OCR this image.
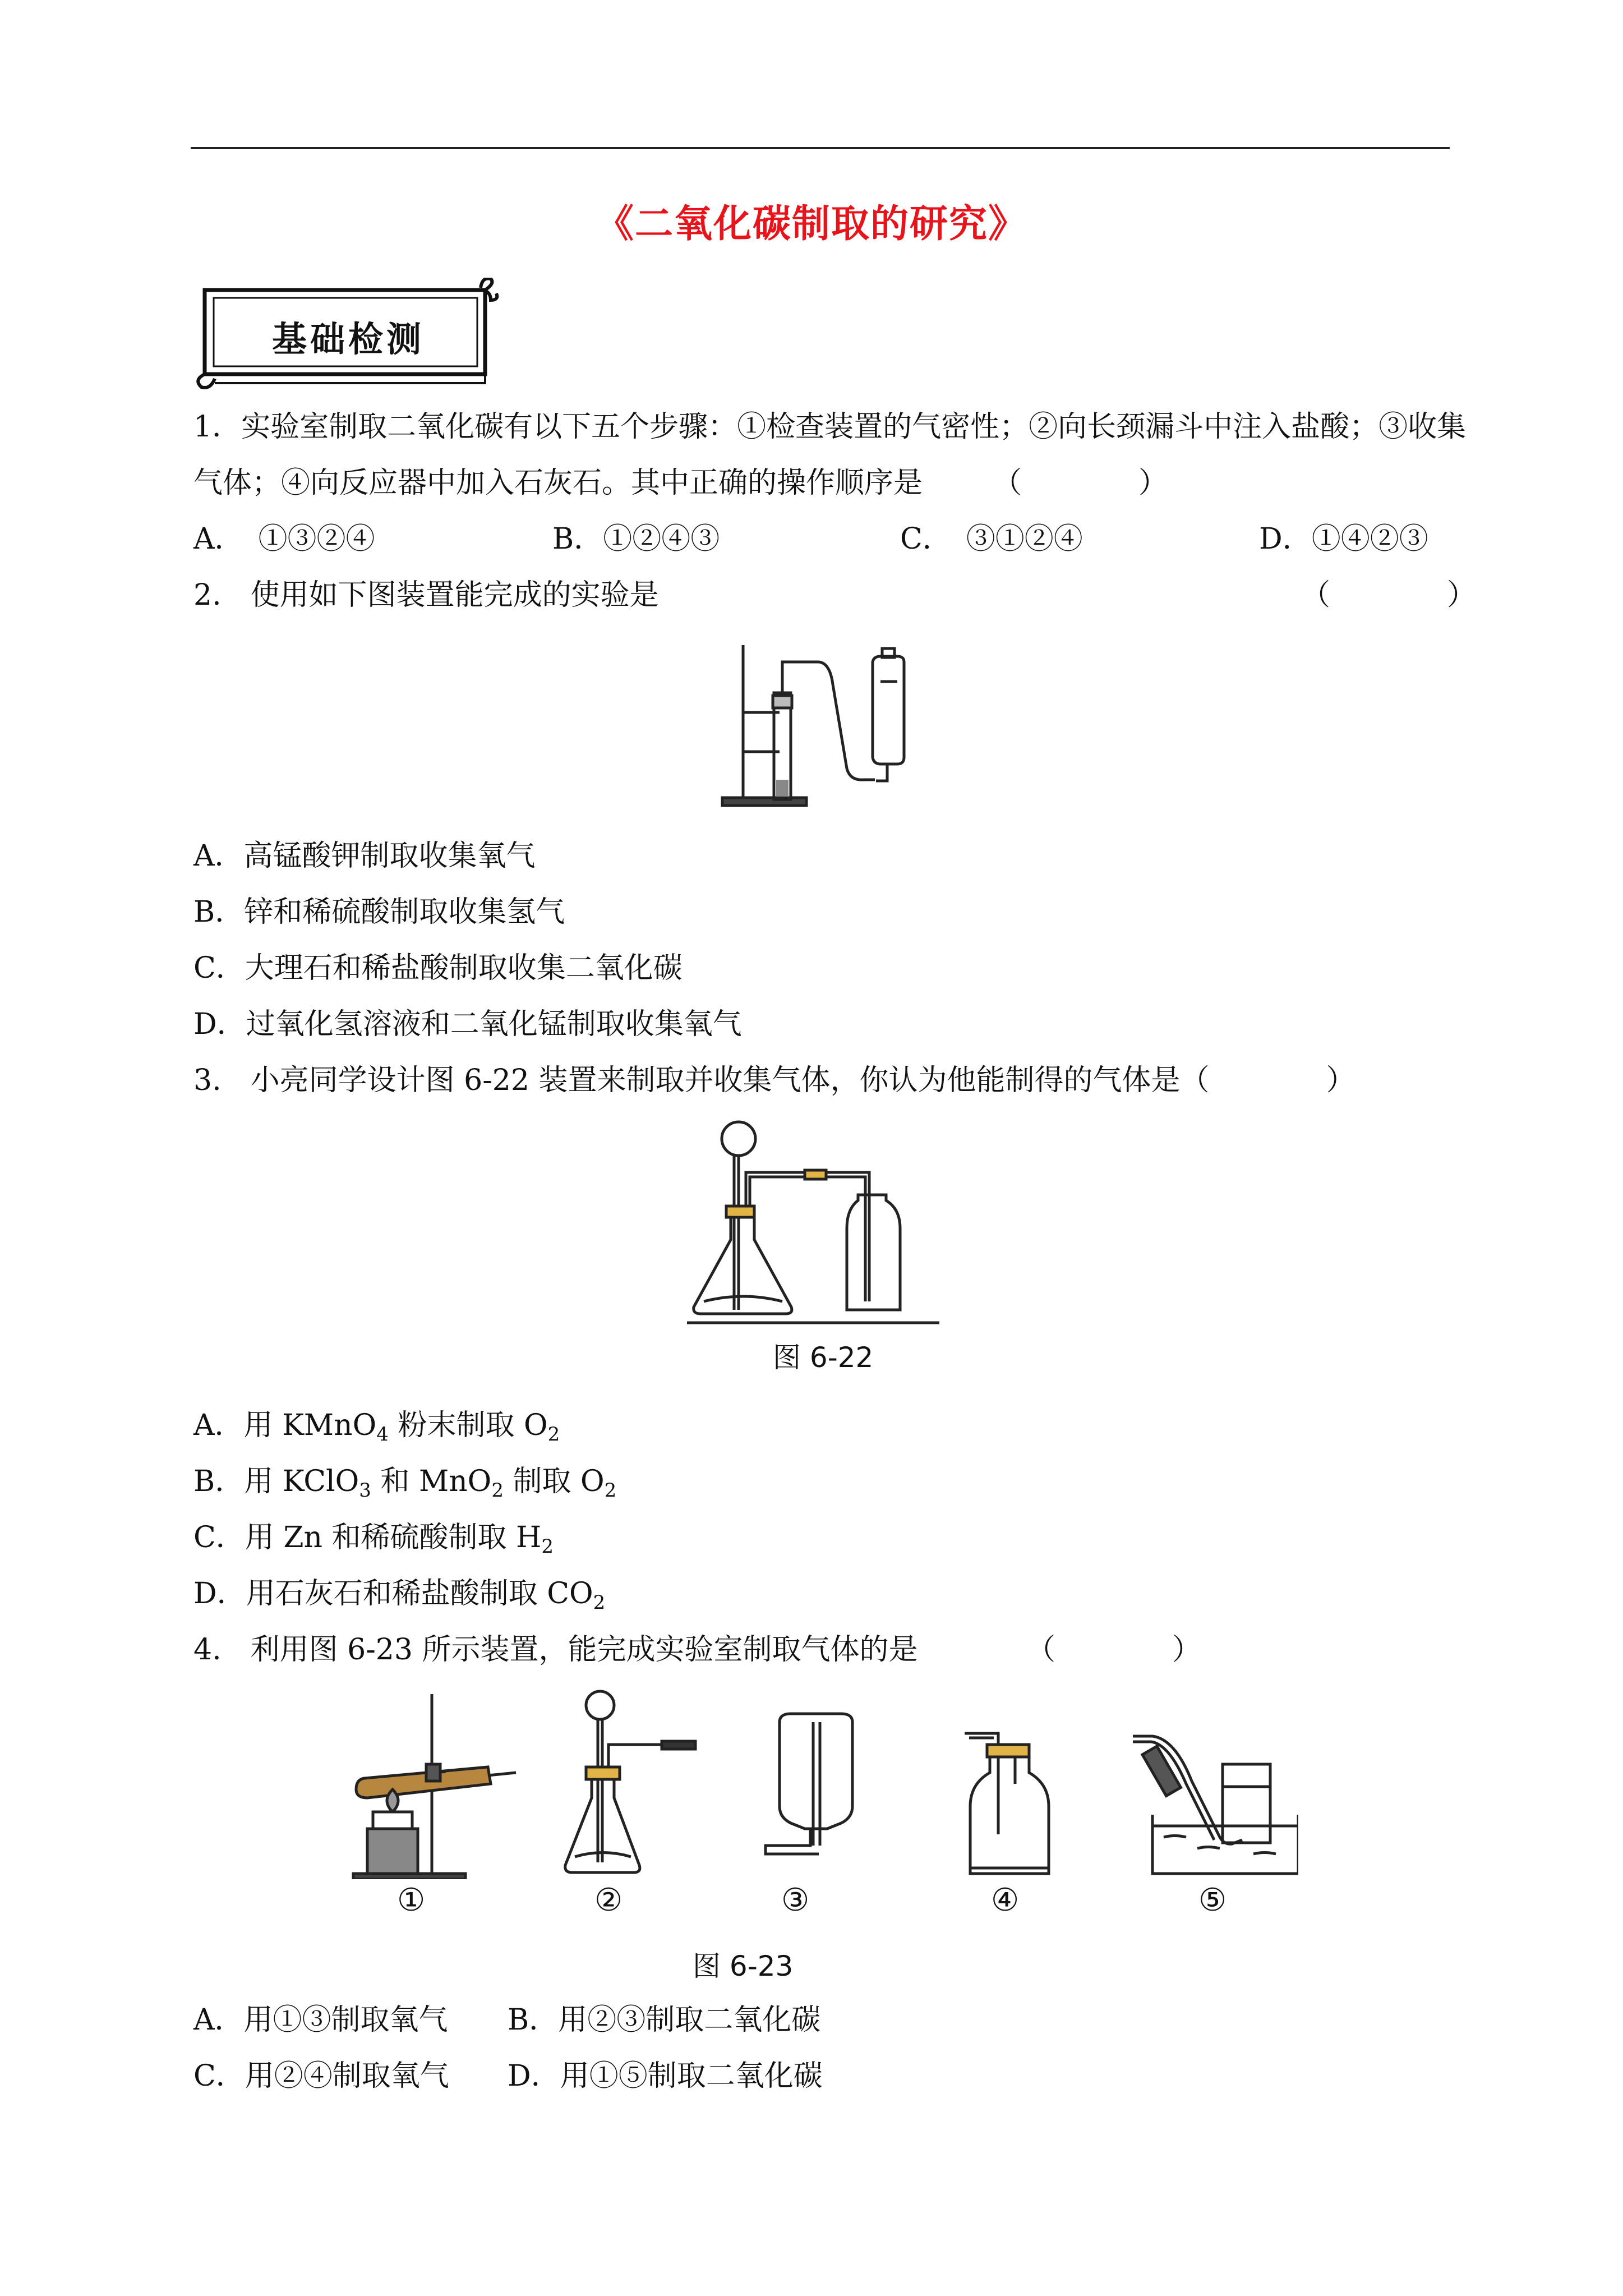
《二氧化碳制取的研究》
基础检测
1．实验室制取二氧化碳有以下五个步骤：①检查装置的气密性；②向长颈漏斗中注入盐酸；③收集
气体；④向反应器中加入石灰石。其中正确的操作顺序是 （　　　　）
A．　①③②④	B．①②④③	C．　③①②④	D．①④②③
2.　使用如下图装置能完成的实验是	（　　　　）
A．高锰酸钾制取收集氧气
B．锌和稀硫酸制取收集氢气
C．大理石和稀盐酸制取收集二氧化碳
D．过氧化氢溶液和二氧化锰制取收集氧气
3.　小亮同学设计图 6-22 装置来制取并收集气体，你认为他能制得的气体是（　　　　）
图 6-22
A．用 KMnO$_4$ 粉末制取 $O_2$
B．用 KClO$_3$ 和 MnO$_2$ 制取 $O_2$
C．用 Zn 和稀硫酸制取 $H_2$
D．用石灰石和稀盐酸制取 $CO_2$
4.　利用图 6-23 所示装置，能完成实验室制取气体的是	（　　　　）
①	②	③	④	⑤
图 6-23
A．用①③制取氧气 B．用②③制取二氧化碳
C．用②④制取氧气 D．用①⑤制取二氧化碳
